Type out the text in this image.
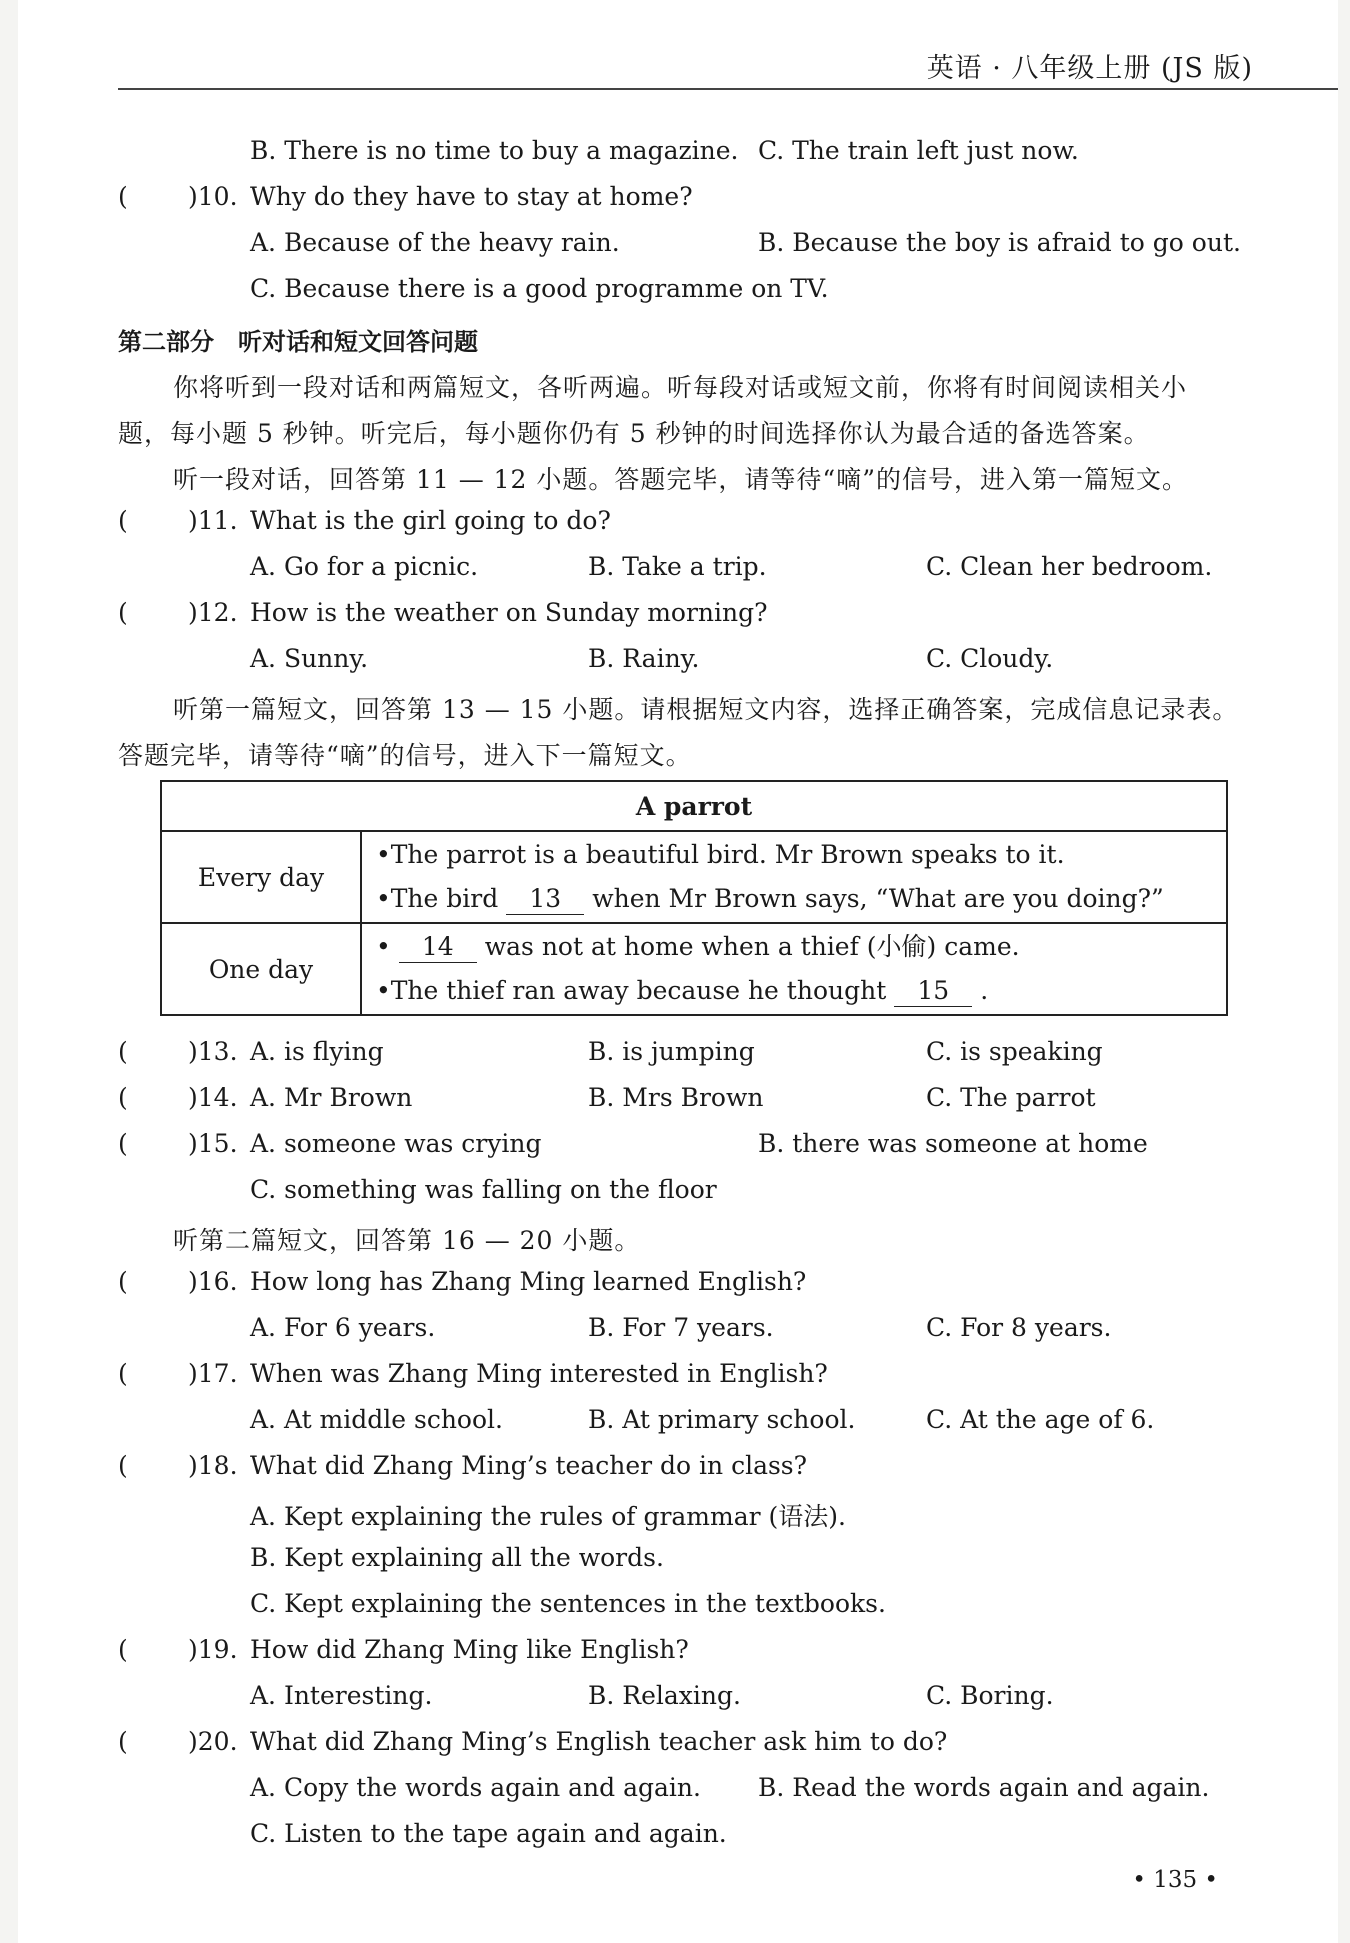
英语 · 八年级上册 (JS 版)
B. There is no time to buy a magazine. C. The train left just now.
( )10. Why do they have to stay at home?
A. Because of the heavy rain.	B. Because the boy is afraid to go out.
C. Because there is a good programme on TV.
第二部分　听对话和短文回答问题
你将听到一段对话和两篇短文，各听两遍。听每段对话或短文前，你将有时间阅读相关小
题，每小题 5 秒钟。听完后，每小题你仍有 5 秒钟的时间选择你认为最合适的备选答案。
听一段对话，回答第 11 — 12 小题。答题完毕，请等待“嘀”的信号，进入第一篇短文。
( )11. What is the girl going to do?
A. Go for a picnic.	B. Take a trip.	C. Clean her bedroom.
( )12. How is the weather on Sunday morning?
A. Sunny.	B. Rainy.	C. Cloudy.
听第一篇短文，回答第 13 — 15 小题。请根据短文内容，选择正确答案，完成信息记录表。
答题完毕，请等待“嘀”的信号，进入下一篇短文。
A parrot	
Every day	•The parrot is a beautiful bird. Mr Brown speaks to it.
•The bird 13 when Mr Brown says, “What are you doing?”

One day	• 14 was not at home when a thief (小偷) came.
•The thief ran away because he thought 15 .
( )13. A. is flying	B. is jumping	C. is speaking
( )14. A. Mr Brown	B. Mrs Brown	C. The parrot
( )15. A. someone was crying	B. there was someone at home
C. something was falling on the floor
听第二篇短文，回答第 16 — 20 小题。
( )16. How long has Zhang Ming learned English?
A. For 6 years.	B. For 7 years.	C. For 8 years.
( )17. When was Zhang Ming interested in English?
A. At middle school.	B. At primary school.	C. At the age of 6.
( )18. What did Zhang Ming’s teacher do in class?
A. Kept explaining the rules of grammar (语法).
B. Kept explaining all the words.
C. Kept explaining the sentences in the textbooks.
( )19. How did Zhang Ming like English?
A. Interesting.	B. Relaxing.	C. Boring.
( )20. What did Zhang Ming’s English teacher ask him to do?
A. Copy the words again and again. B. Read the words again and again.
C. Listen to the tape again and again.
• 135 •
